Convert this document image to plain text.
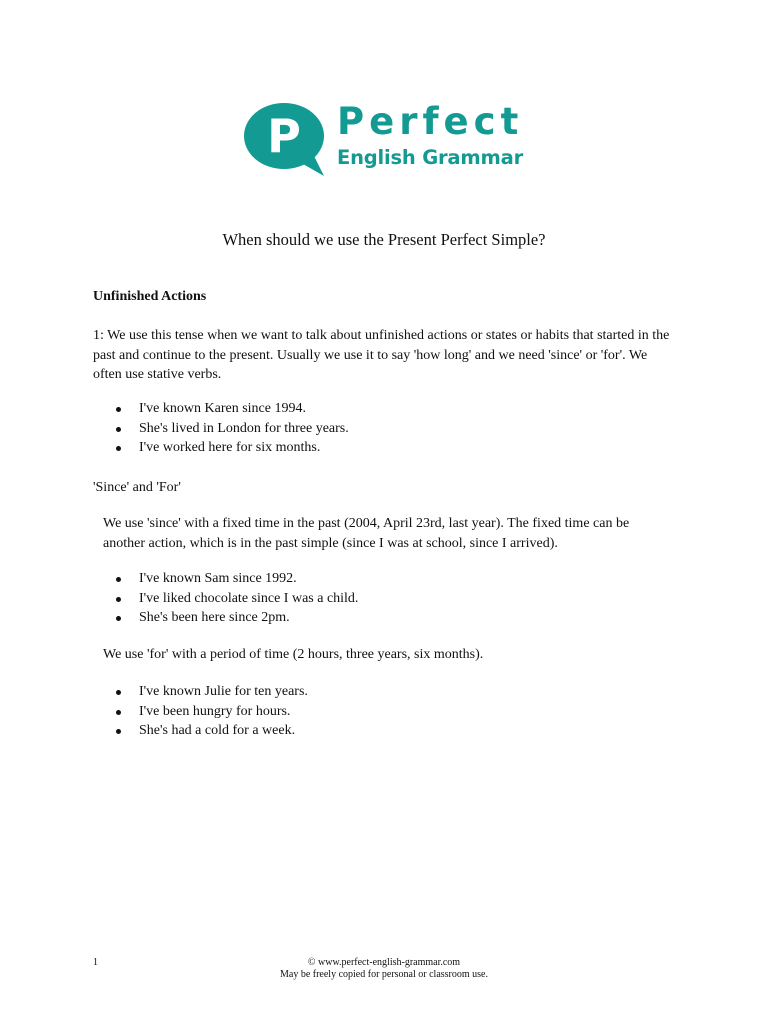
P Perfect
English Grammar
When should we use the Present Perfect Simple?
Unfinished Actions
1: We use this tense when we want to talk about unfinished actions or states or habits that started in the past and continue to the present. Usually we use it to say 'how long' and we need 'since' or 'for'. We often use stative verbs.
I've known Karen since 1994.
She's lived in London for three years.
I've worked here for six months.
'Since' and 'For'
We use 'since' with a fixed time in the past (2004, April 23rd, last year). The fixed time can be another action, which is in the past simple (since I was at school, since I arrived).
I've known Sam since 1992.
I've liked chocolate since I was a child.
She's been here since 2pm.
We use 'for' with a period of time (2 hours, three years, six months).
I've known Julie for ten years.
I've been hungry for hours.
She's had a cold for a week.
1	© www.perfect-english-grammar.com
May be freely copied for personal or classroom use.
